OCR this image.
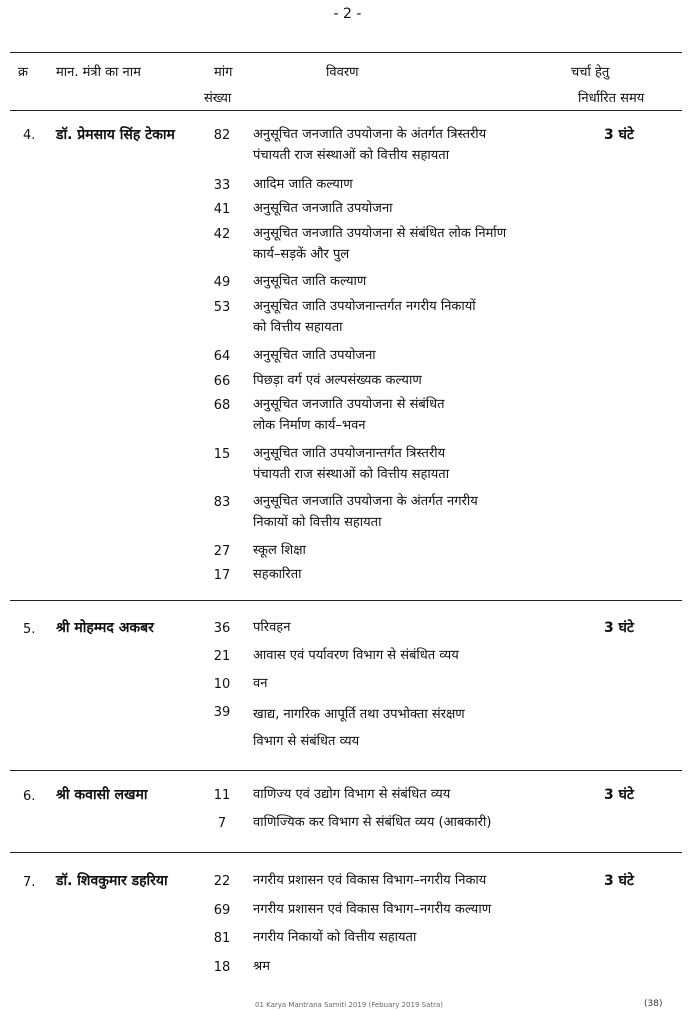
- 2 -
क्र मान. मंत्री का नाम	मांग
संख्या
विवरण	चर्चा हेतु
निर्धारित समय
4. डॉ. प्रेमसाय सिंह टेकाम	3 घंटे
82	अनुसूचित जनजाति उपयोजना के अंतर्गत त्रिस्तरीय
पंचायती राज संस्थाओं को वित्तीय सहायता
33	आदिम जाति कल्याण
41	अनुसूचित जनजाति उपयोजना
42	अनुसूचित जनजाति उपयोजना से संबंधित लोक निर्माण
कार्य–सड़कें और पुल
49	अनुसूचित जाति कल्याण
53	अनुसूचित जाति उपयोजनान्तर्गत नगरीय निकायों
को वित्तीय सहायता
64	अनुसूचित जाति उपयोजना
66	पिछड़ा वर्ग एवं अल्पसंख्यक कल्याण
68	अनुसूचित जनजाति उपयोजना से संबंधित
लोक निर्माण कार्य–भवन
15	अनुसूचित जाति उपयोजनान्तर्गत त्रिस्तरीय
पंचायती राज संस्थाओं को वित्तीय सहायता
83	अनुसूचित जनजाति उपयोजना के अंतर्गत नगरीय
निकायों को वित्तीय सहायता
27	स्कूल शिक्षा
17	सहकारिता
5. श्री मोहम्मद अकबर	3 घंटे
36	परिवहन
21	आवास एवं पर्यावरण विभाग से संबंधित व्यय
10	वन
39	खाद्य, नागरिक आपूर्ति तथा उपभोक्ता संरक्षण
विभाग से संबंधित व्यय
6. श्री कवासी लखमा	3 घंटे
11	वाणिज्य एवं उद्योग विभाग से संबंधित व्यय
7	वाणिज्यिक कर विभाग से संबंधित व्यय (आबकारी)
7. डॉ. शिवकुमार डहरिया	3 घंटे
22	नगरीय प्रशासन एवं विकास विभाग–नगरीय निकाय
69	नगरीय प्रशासन एवं विकास विभाग–नगरीय कल्याण
81	नगरीय निकायों को वित्तीय सहायता
18	श्रम
01 Karya Mantrana Samiti 2019 (Febuary 2019 Satra)	(38)
